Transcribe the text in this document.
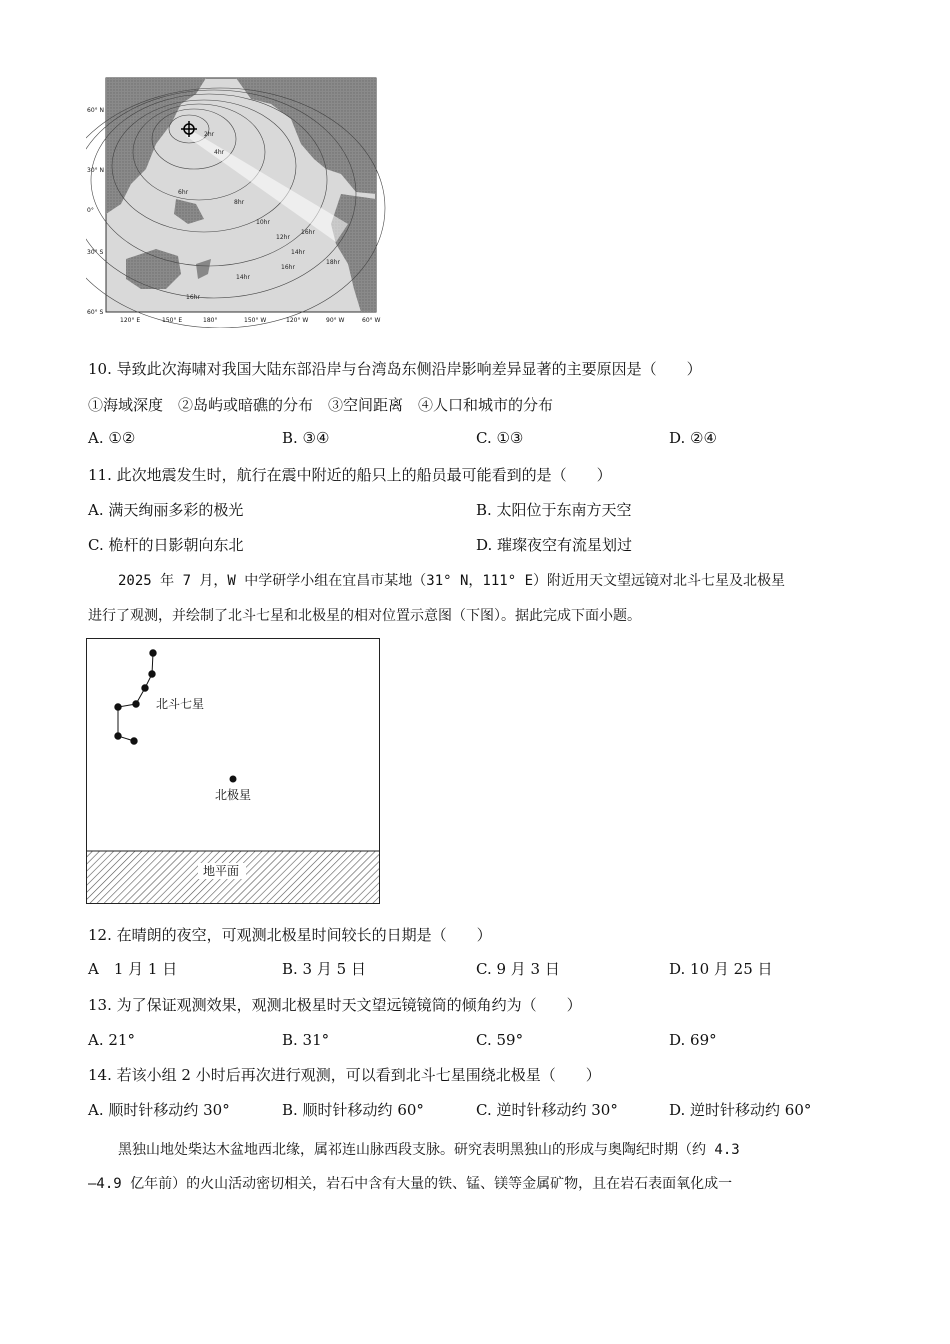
2hr
4hr
6hr
8hr
10hr
12hr
14hr
16hr
18hr
16hr
14hr
16hr
60° N
30° N
0°
30° S
60° S
120° E	150° E	180°	150° W	120° W	90° W	60° W
10. 导致此次海啸对我国大陆东部沿岸与台湾岛东侧沿岸影响差异显著的主要原因是（　　）
①海域深度　②岛屿或暗礁的分布　③空间距离　④人口和城市的分布
A. ①②	B. ③④	C. ①③	D. ②④
11. 此次地震发生时，航行在震中附近的船只上的船员最可能看到的是（　　）
A. 满天绚丽多彩的极光	B. 太阳位于东南方天空
C. 桅杆的日影朝向东北	D. 璀璨夜空有流星划过
2025 年 7 月，W 中学研学小组在宜昌市某地（31° N，111° E）附近用天文望远镜对北斗七星及北极星
进行了观测，并绘制了北斗七星和北极星的相对位置示意图（下图）。据此完成下面小题。
北斗七星
北极星
地平面
12. 在晴朗的夜空，可观测北极星时间较长的日期是（　　）
A　1 月 1 日	B. 3 月 5 日	C. 9 月 3 日	D. 10 月 25 日
13. 为了保证观测效果，观测北极星时天文望远镜镜筒的倾角约为（　　）
A. 21°	B. 31°	C. 59°	D. 69°
14. 若该小组 2 小时后再次进行观测，可以看到北斗七星围绕北极星（　　）
A. 顺时针移动约 30°	B. 顺时针移动约 60°	C. 逆时针移动约 30°	D. 逆时针移动约 60°
黑独山地处柴达木盆地西北缘，属祁连山脉西段支脉。研究表明黑独山的形成与奥陶纪时期（约 4.3
—4.9 亿年前）的火山活动密切相关，岩石中含有大量的铁、锰、镁等金属矿物，且在岩石表面氧化成一
